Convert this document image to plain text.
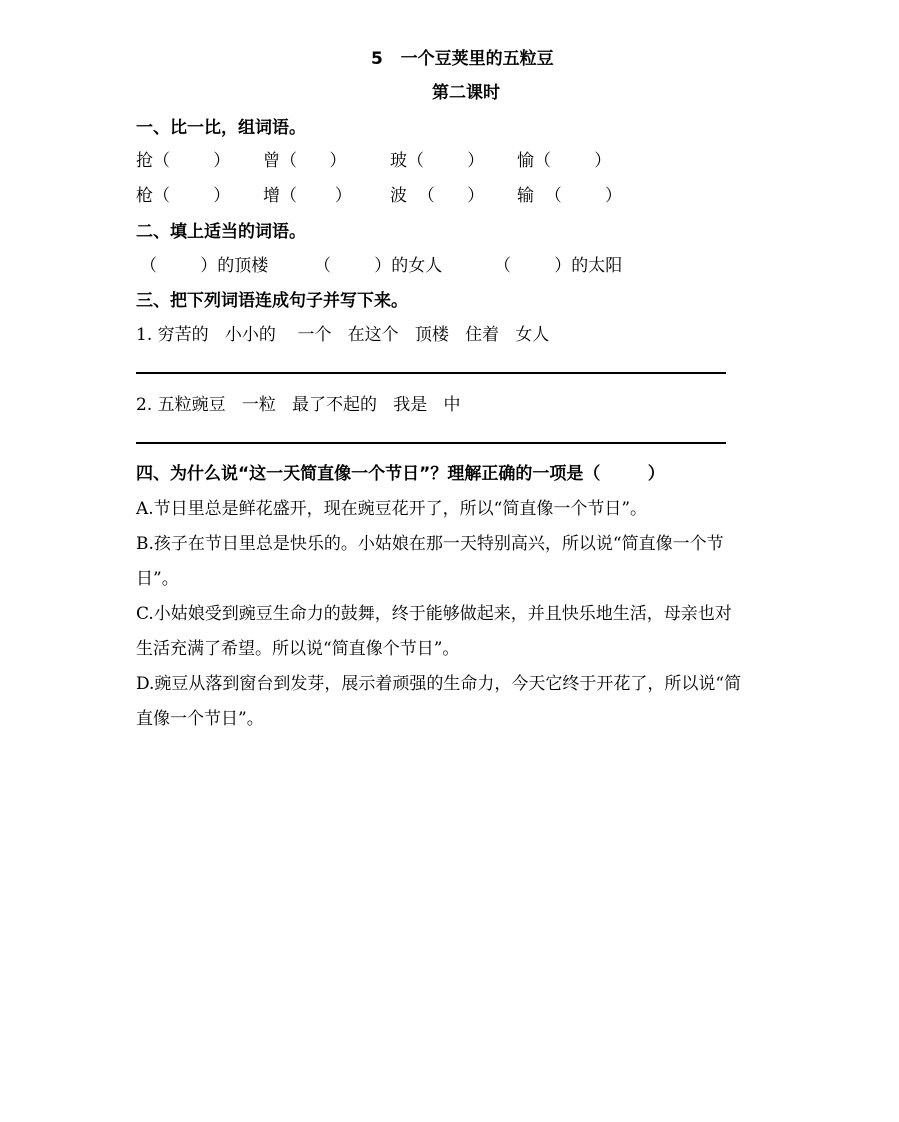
5   一个豆荚里的五粒豆
第二课时
一、比一比，组词语。
抢（        ） 曾（      ）	玻（        ） 愉（        ）
枪（        ） 增（       ） 波  （      ） 输  （        ）
二、填上适当的词语。
（        ）的顶楼	（        ）的女人	（        ）的太阳
三、把下列词语连成句子并写下来。
1. 穷苦的   小小的    一个   在这个   顶楼   住着   女人
2. 五粒豌豆   一粒   最了不起的   我是   中
四、为什么说“这一天简直像一个节日”？理解正确的一项是（        ）
A.节日里总是鲜花盛开，现在豌豆花开了，所以“简直像一个节日”。
B.孩子在节日里总是快乐的。小姑娘在那一天特别高兴，所以说“简直像一个节
日”。
C.小姑娘受到豌豆生命力的鼓舞，终于能够做起来，并且快乐地生活，母亲也对
生活充满了希望。所以说“简直像个节日”。
D.豌豆从落到窗台到发芽，展示着顽强的生命力，今天它终于开花了，所以说“简
直像一个节日”。
